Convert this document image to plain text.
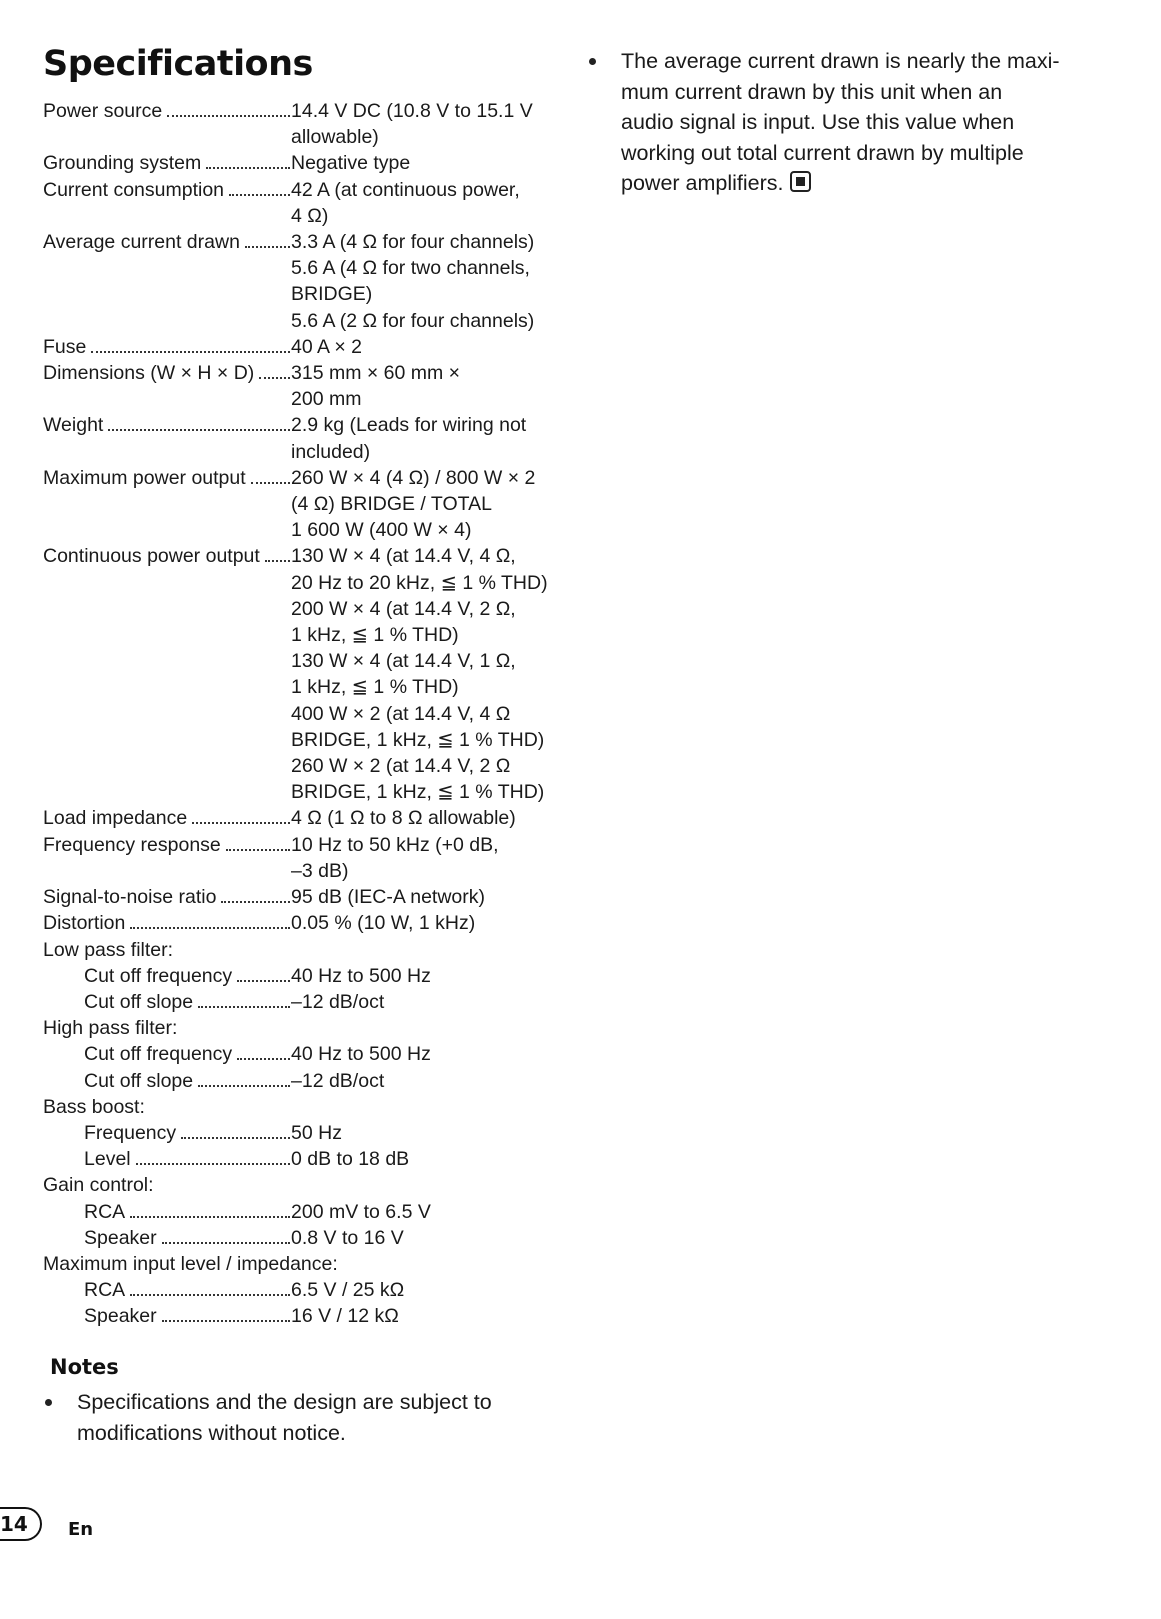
Specifications
Power source	14.4 V DC (10.8 V to 15.1 V
allowable)
Grounding system	Negative type
Current consumption	42 A (at continuous power,
4 Ω)
Average current drawn	3.3 A (4 Ω for four channels)
5.6 A (4 Ω for two channels,
BRIDGE)
5.6 A (2 Ω for four channels)
Fuse	40 A × 2
Dimensions (W × H × D) 315 mm × 60 mm ×
200 mm
Weight	2.9 kg (Leads for wiring not
included)
Maximum power output 260 W × 4 (4 Ω) / 800 W × 2
(4 Ω) BRIDGE / TOTAL
1 600 W (400 W × 4)
Continuous power output 130 W × 4 (at 14.4 V, 4 Ω,
20 Hz to 20 kHz, ≦ 1 % THD)
200 W × 4 (at 14.4 V, 2 Ω,
1 kHz, ≦ 1 % THD)
130 W × 4 (at 14.4 V, 1 Ω,
1 kHz, ≦ 1 % THD)
400 W × 2 (at 14.4 V, 4 Ω
BRIDGE, 1 kHz, ≦ 1 % THD)
260 W × 2 (at 14.4 V, 2 Ω
BRIDGE, 1 kHz, ≦ 1 % THD)
Load impedance	4 Ω (1 Ω to 8 Ω allowable)
Frequency response	10 Hz to 50 kHz (+0 dB,
–3 dB)
Signal-to-noise ratio	95 dB (IEC-A network)
Distortion	0.05 % (10 W, 1 kHz)
Low pass filter:
Cut off frequency	40 Hz to 500 Hz
Cut off slope	–12 dB/oct
High pass filter:
Cut off frequency	40 Hz to 500 Hz
Cut off slope	–12 dB/oct
Bass boost:
Frequency	50 Hz
Level	0 dB to 18 dB
Gain control:
RCA	200 mV to 6.5 V
Speaker	0.8 V to 16 V
Maximum input level / impedance:
RCA	6.5 V / 25 kΩ
Speaker	16 V / 12 kΩ
Notes
Specifications and the design are subject to
modifications without notice.
The average current drawn is nearly the maxi-
mum current drawn by this unit when an
audio signal is input. Use this value when
working out total current drawn by multiple
power amplifiers.
14	En
